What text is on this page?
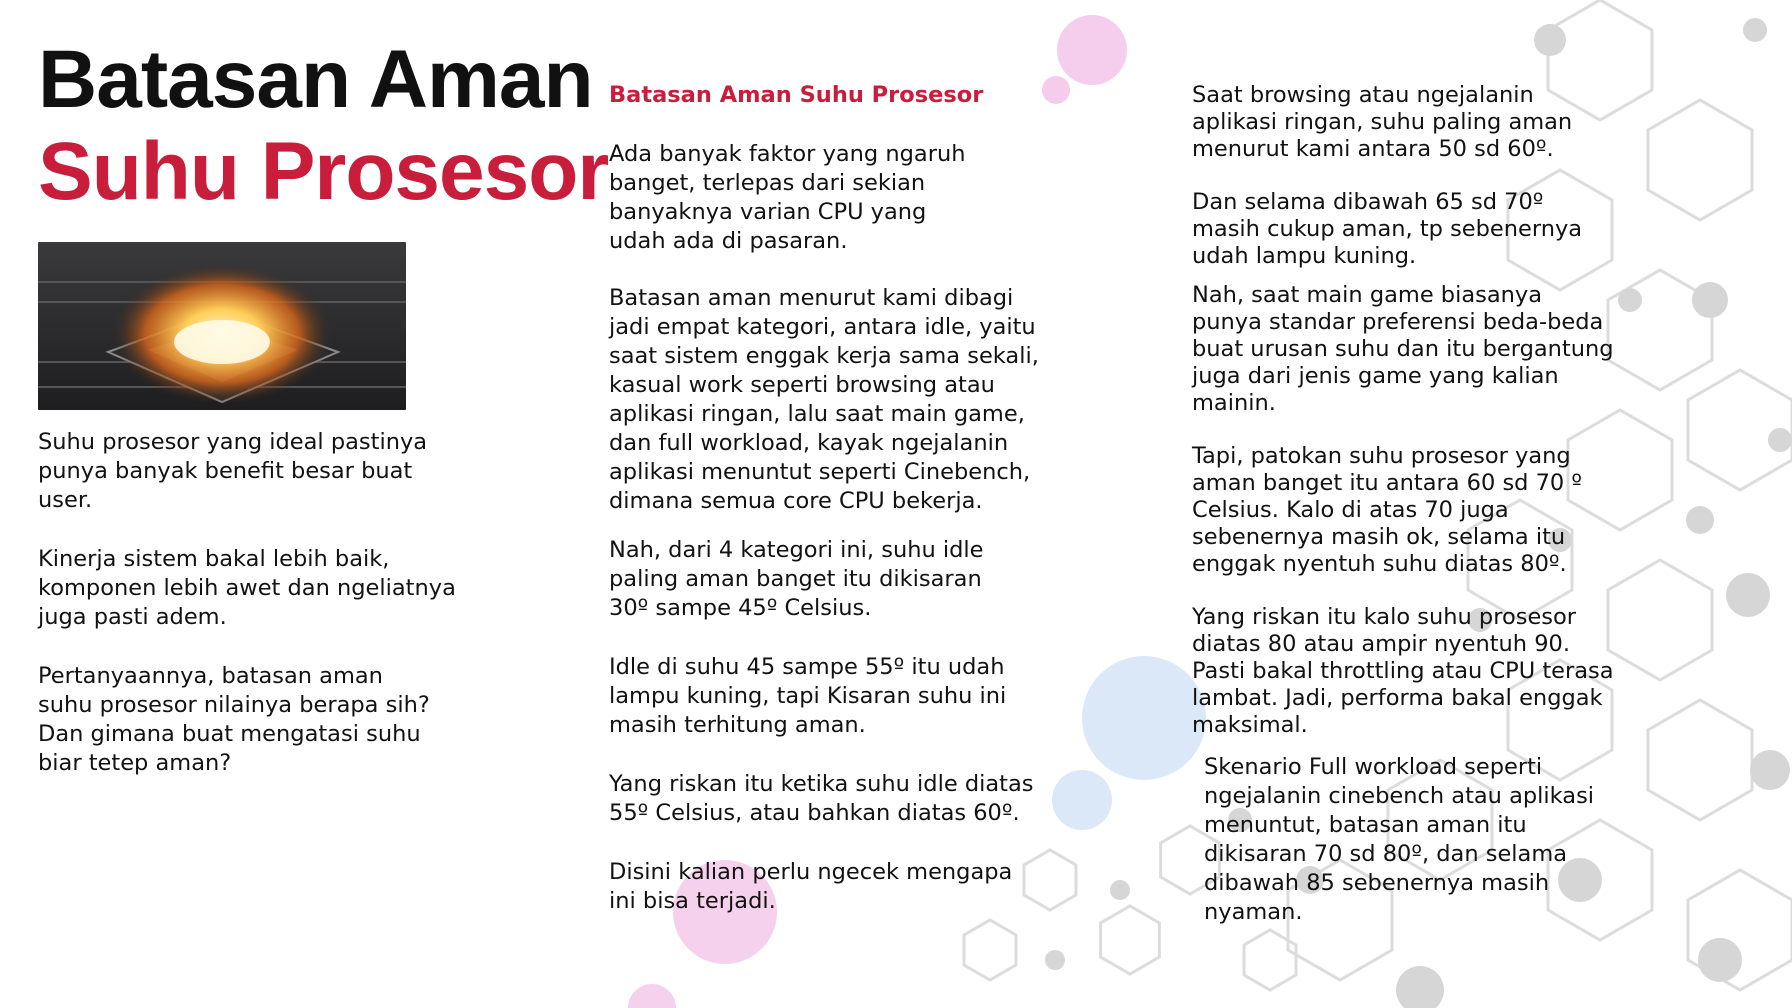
Batasan Aman
Suhu Prosesor

Suhu prosesor yang ideal pastinya
punya banyak benefit besar buat
user.

Kinerja sistem bakal lebih baik,
komponen lebih awet dan ngeliatnya
juga pasti adem.

Pertanyaannya, batasan aman
suhu prosesor nilainya berapa sih?
Dan gimana buat mengatasi suhu
biar tetep aman?

Batasan Aman Suhu Prosesor

Ada banyak faktor yang ngaruh
banget, terlepas dari sekian
banyaknya varian CPU yang
udah ada di pasaran.

Batasan aman menurut kami dibagi
jadi empat kategori, antara idle, yaitu
saat sistem enggak kerja sama sekali,
kasual work seperti browsing atau
aplikasi ringan, lalu saat main game,
dan full workload, kayak ngejalanin
aplikasi menuntut seperti Cinebench,
dimana semua core CPU bekerja.

Nah, dari 4 kategori ini, suhu idle
paling aman banget itu dikisaran
30º sampe 45º Celsius.

Idle di suhu 45 sampe 55º itu udah
lampu kuning, tapi Kisaran suhu ini
masih terhitung aman.

Yang riskan itu ketika suhu idle diatas
55º Celsius, atau bahkan diatas 60º.

Disini kalian perlu ngecek mengapa
ini bisa terjadi.

Saat browsing atau ngejalanin
aplikasi ringan, suhu paling aman
menurut kami antara 50 sd 60º.

Dan selama dibawah 65 sd 70º
masih cukup aman, tp sebenernya
udah lampu kuning.

Nah, saat main game biasanya
punya standar preferensi beda-beda
buat urusan suhu dan itu bergantung
juga dari jenis game yang kalian
mainin.

Tapi, patokan suhu prosesor yang
aman banget itu antara 60 sd 70 º
Celsius. Kalo di atas 70 juga
sebenernya masih ok, selama itu
enggak nyentuh suhu diatas 80º.

Yang riskan itu kalo suhu prosesor
diatas 80 atau ampir nyentuh 90.
Pasti bakal throttling atau CPU terasa
lambat. Jadi, performa bakal enggak
maksimal.

Skenario Full workload seperti
ngejalanin cinebench atau aplikasi
menuntut, batasan aman itu
dikisaran 70 sd 80º, dan selama
dibawah 85 sebenernya masih
nyaman.
